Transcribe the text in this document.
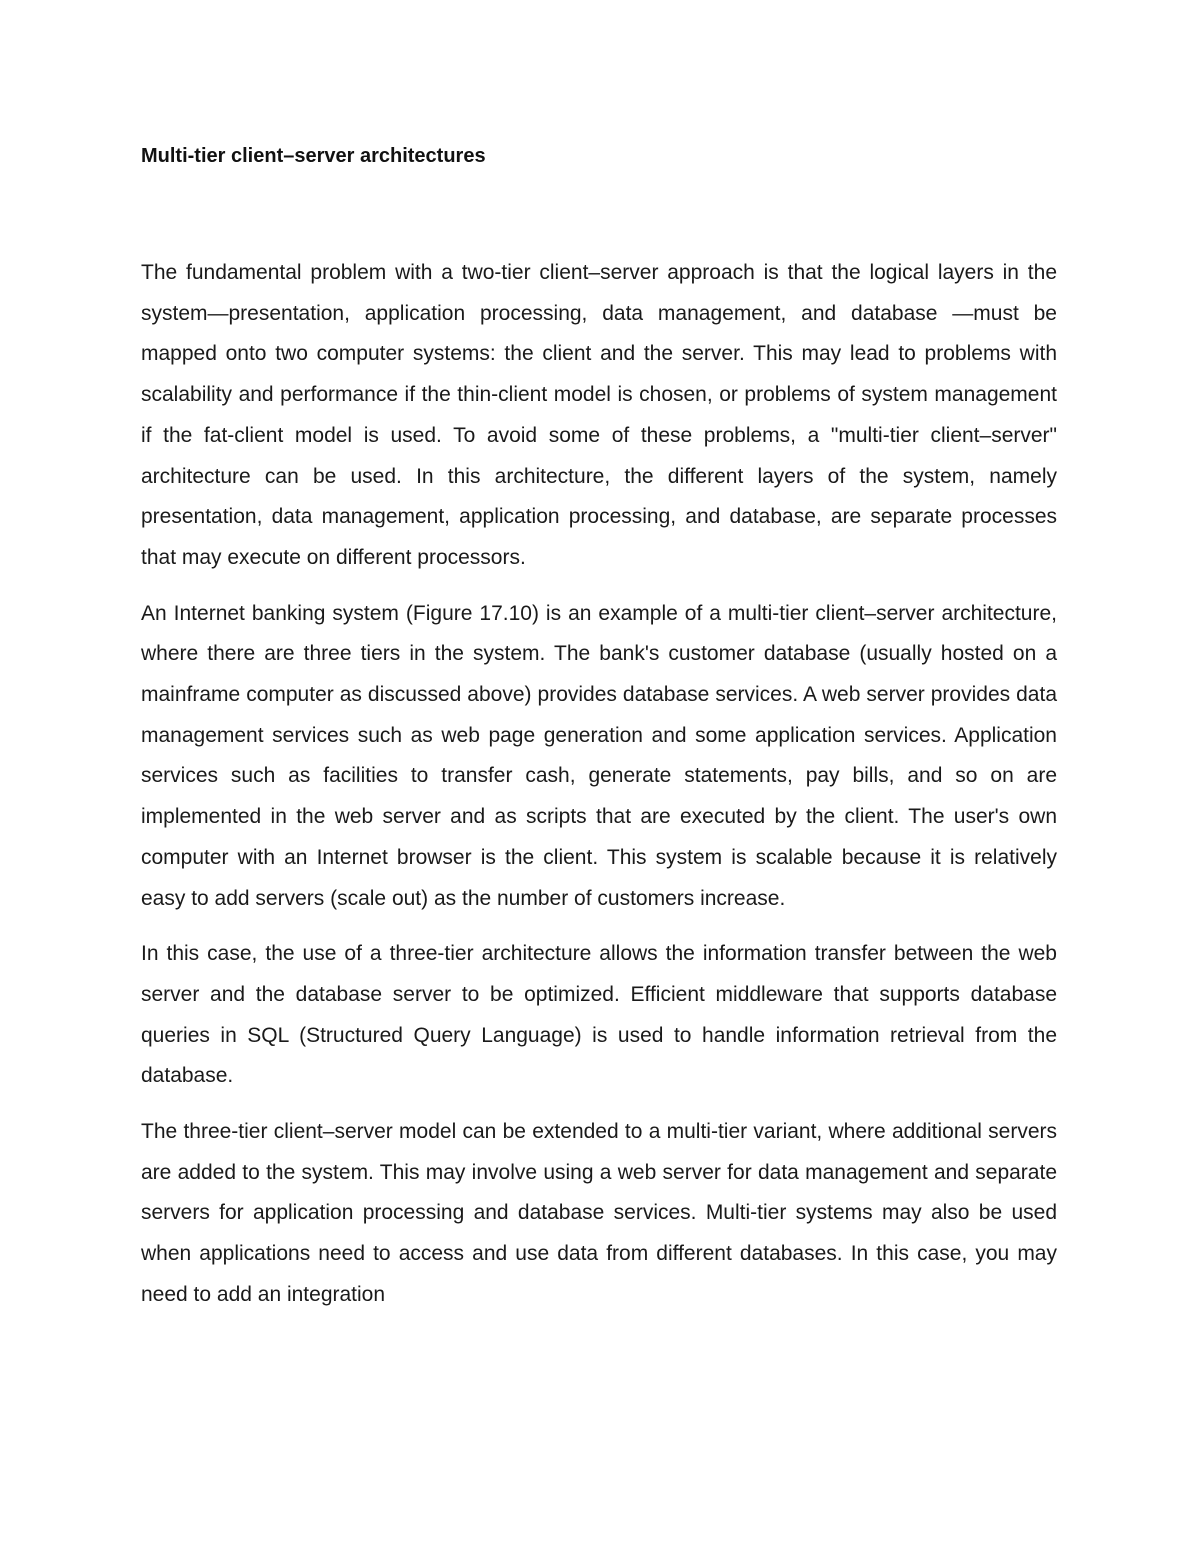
Multi-tier client–server architectures

The fundamental problem with a two-tier client–server approach is that the logical layers in the system—presentation, application processing, data management, and database —must be mapped onto two computer systems: the client and the server. This may lead to problems with scalability and performance if the thin-client model is chosen, or problems of system management if the fat-client model is used. To avoid some of these problems, a "multi-tier client–server" architecture can be used. In this architecture, the different layers of the system, namely presentation, data management, application processing, and database, are separate processes that may execute on different processors.

An Internet banking system (Figure 17.10) is an example of a multi-tier client–server architecture, where there are three tiers in the system. The bank's customer database (usually hosted on a mainframe computer as discussed above) provides database services. A web server provides data management services such as web page generation and some application services. Application services such as facilities to transfer cash, generate statements, pay bills, and so on are implemented in the web server and as scripts that are executed by the client. The user's own computer with an Internet browser is the client. This system is scalable because it is relatively easy to add servers (scale out) as the number of customers increase.

In this case, the use of a three-tier architecture allows the information transfer between the web server and the database server to be optimized. Efficient middleware that supports database queries in SQL (Structured Query Language) is used to handle information retrieval from the database.

The three-tier client–server model can be extended to a multi-tier variant, where additional servers are added to the system. This may involve using a web server for data management and separate servers for application processing and database services. Multi-tier systems may also be used when applications need to access and use data from different databases. In this case, you may need to add an integration
